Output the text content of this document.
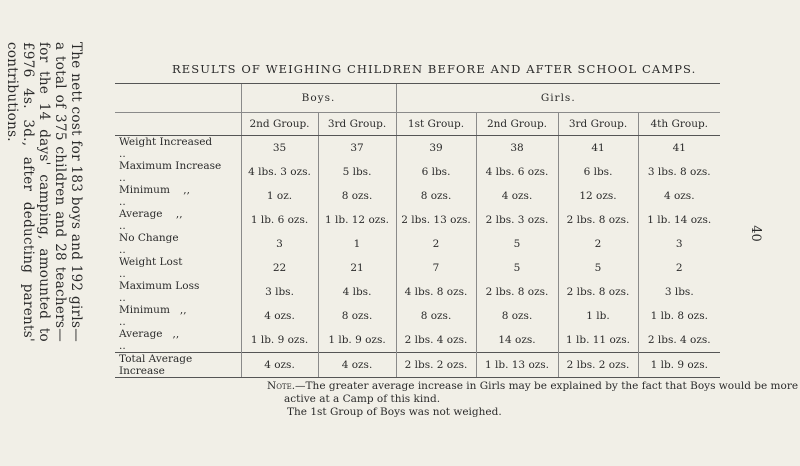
The nett cost for 183 boys and 192 girls—a total of 375 children and 28 teachers—for the 14 days' camping, amounted to £976 4s. 3d., after deducting parents' contributions.
40
RESULTS OF WEIGHING CHILDREN BEFORE AND AFTER SCHOOL CAMPS.
	Boys.		Girls.			
	2nd Group.	3rd Group.	1st Group.	2nd Group.	3rd Group.	4th Group.
Weight Increased..	35	37	39	38	41	41
Maximum Increase..	4 lbs. 3 ozs.	5 lbs.	6 lbs.	4 lbs. 6 ozs.	6 lbs.	3 lbs. 8 ozs.
Minimum    ,,..	1 oz.	8 ozs.	8 ozs.	4 ozs.	12 ozs.	4 ozs.
Average    ,,..	1 lb. 6 ozs.	1 lb. 12 ozs.	2 lbs. 13 ozs.	2 lbs. 3 ozs.	2 lbs. 8 ozs.	1 lb. 14 ozs.
No Change..	3	1	2	5	2	3
Weight Lost..	22	21	7	5	5	2
Maximum Loss..	3 lbs.	4 lbs.	4 lbs. 8 ozs.	2 lbs. 8 ozs.	2 lbs. 8 ozs.	3 lbs.
Minimum   ,,..	4 ozs.	8 ozs.	8 ozs.	8 ozs.	1 lb.	1 lb. 8 ozs.
Average   ,,..	1 lb. 9 ozs.	1 lb. 9 ozs.	2 lbs. 4 ozs.	14 ozs.	1 lb. 11 ozs.	2 lbs. 4 ozs.
Total Average Increase	4 ozs.	4 ozs.	2 lbs. 2 ozs.	1 lb. 13 ozs.	2 lbs. 2 ozs.	1 lb. 9 ozs.
Note.—The greater average increase in Girls may be explained by the fact that Boys would be more
active at a Camp of this kind.
The 1st Group of Boys was not weighed.
